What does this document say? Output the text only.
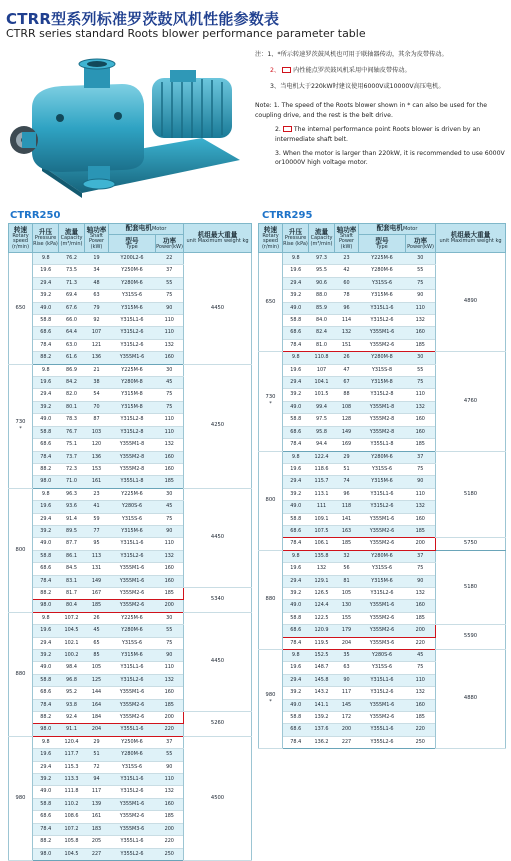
CTRR型系列标准罗茨鼓风机性能参数表
CTRR series standard Roots blower performance parameter table
注：1、*所示转速罗茨鼓风机也可用于联轴器传动，其余为皮带传动。
2、 内性能点罗茨鼓风机采用中间轴皮带传动。
3、当电机大于220kW时建议使用6000V或10000V高压电机。
Note: 1. The speed of the Roots blower shown in * can also be used for the coupling drive, and the rest is the belt drive.
2. The internal performance point Roots blower is driven by an intermediate shaft belt.
3. When the motor is larger than 220kW, it is recommended to use 6000V or10000V high voltage motor.
CTRR250	CTRR295
转速
Rotary speed (r/min)	升压
Pressure Rise (kPa)	流量
Capacity (m³/min)	轴功率
Shaft Power (kW)	配套电机Motor		机组最大重量
unit Maximum weight kg

				型号
Type	功率
Power(kW)	

650	9.8	76.2	19	Y200L2-6	22	4450
	19.6	73.5	34	Y250M-6	37	
	29.4	71.3	48	Y280M-6	55	
	39.2	69.4	63	Y315S-6	75	
	49.0	67.6	79	Y315M-6	90	
	58.8	66.0	92	Y315L1-6	110	
	68.6	64.4	107	Y315L2-6	110	
	78.4	63.0	121	Y315L2-6	132	
	88.2	61.6	136	Y355M1-6	160	

730
*	9.8	86.9	21	Y225M-6	30	4250
	19.6	84.2	38	Y280M-8	45	
	29.4	82.0	54	Y315M-8	75	
	39.2	80.1	70	Y315M-8	75	
	49.0	78.3	87	Y315L2-8	110	
	58.8	76.7	103	Y315L2-8	110	
	68.6	75.1	120	Y355M1-8	132	
	78.4	73.7	136	Y355M2-8	160	
	88.2	72.3	153	Y355M2-8	160	
	98.0	71.0	161	Y355L1-8	185	

800	9.8	96.3	23	Y225M-6	30	4450
	19.6	93.6	41	Y280S-6	45	
	29.4	91.4	59	Y315S-6	75	
	39.2	89.5	77	Y315M-6	90	
	49.0	87.7	95	Y315L1-6	110	
	58.8	86.1	113	Y315L2-6	132	
	68.6	84.5	131	Y355M1-6	160	
	78.4	83.1	149	Y355M1-6	160	
	88.2	81.7	167	Y355M2-6	185	5340
	98.0	80.4	185	Y355M2-6	200	

880	9.8	107.2	26	Y225M-6	30	4450
	19.6	104.5	45	Y280M-6	55	
	29.4	102.1	65	Y315S-6	75	
	39.2	100.2	85	Y315M-6	90	
	49.0	98.4	105	Y315L1-6	110	
	58.8	96.8	125	Y315L2-6	132	
	68.6	95.2	144	Y355M1-6	160	
	78.4	93.8	164	Y355M2-6	185	
	88.2	92.4	184	Y355M2-6	200	5260
	98.0	91.1	204	Y355L1-6	220	

980	9.8	120.4	29	Y250M-6	37	4500
	19.6	117.7	51	Y280M-6	55	
	29.4	115.3	72	Y315S-6	90	
	39.2	113.3	94	Y315L1-6	110	
	49.0	111.8	117	Y315L2-6	132	
	58.8	110.2	139	Y355M1-6	160	
	68.6	108.6	161	Y355M2-6	185	
	78.4	107.2	183	Y355M3-6	200	
	88.2	105.8	205	Y355L1-6	220	
	98.0	104.5	227	Y355L2-6	250	
转速
Rotary speed (r/min)	升压
Pressure Rise (kPa)	流量
Capacity (m³/min)	轴功率
Shaft Power (kW)	配套电机Motor		机组最大重量
unit Maximum weight kg

				型号
Type	功率
Power(kW)	

650	9.8	97.3	23	Y225M-6	30	4890
	19.6	95.5	42	Y280M-6	55	
	29.4	90.6	60	Y315S-6	75	
	39.2	88.0	78	Y315M-6	90	
	49.0	85.9	96	Y315L1-6	110	
	58.8	84.0	114	Y315L2-6	132	
	68.6	82.4	132	Y355M1-6	160	
	78.4	81.0	151	Y355M2-6	185	

730
*	9.8	110.8	26	Y280M-8	30	4760
	19.6	107	47	Y315S-8	55	
	29.4	104.1	67	Y315M-8	75	
	39.2	101.5	88	Y315L2-8	110	
	49.0	99.4	108	Y355M1-8	132	
	58.8	97.5	128	Y355M2-8	160	
	68.6	95.8	149	Y355M2-8	160	
	78.4	94.4	169	Y355L1-8	185	

800	9.8	122.4	29	Y280M-6	37	5180
	19.6	118.6	51	Y315S-6	75	
	29.4	115.7	74	Y315M-6	90	
	39.2	113.1	96	Y315L1-6	110	
	49.0	111	118	Y315L2-6	132	
	58.8	109.1	141	Y355M1-6	160	
	68.6	107.5	163	Y355M2-6	185	
	78.4	106.1	185	Y355M2-6	200	5750

880	9.8	135.8	32	Y280M-6	37	5180
	19.6	132	56	Y315S-6	75	
	29.4	129.1	81	Y315M-6	90	
	39.2	126.5	105	Y315L2-6	132	
	49.0	124.4	130	Y355M1-6	160	
	58.8	122.5	155	Y355M2-6	185	
	68.6	120.9	179	Y355M2-6	200	5590
	78.4	119.5	204	Y355M3-6	220	

980
*	9.8	152.5	35	Y280S-6	45	4880
	19.6	148.7	63	Y315S-6	75	
	29.4	145.8	90	Y315L1-6	110	
	39.2	143.2	117	Y315L2-6	132	
	49.0	141.1	145	Y355M1-6	160	
	58.8	139.2	172	Y355M2-6	185	
	68.6	137.6	200	Y355L1-6	220	
	78.4	136.2	227	Y355L2-6	250	
